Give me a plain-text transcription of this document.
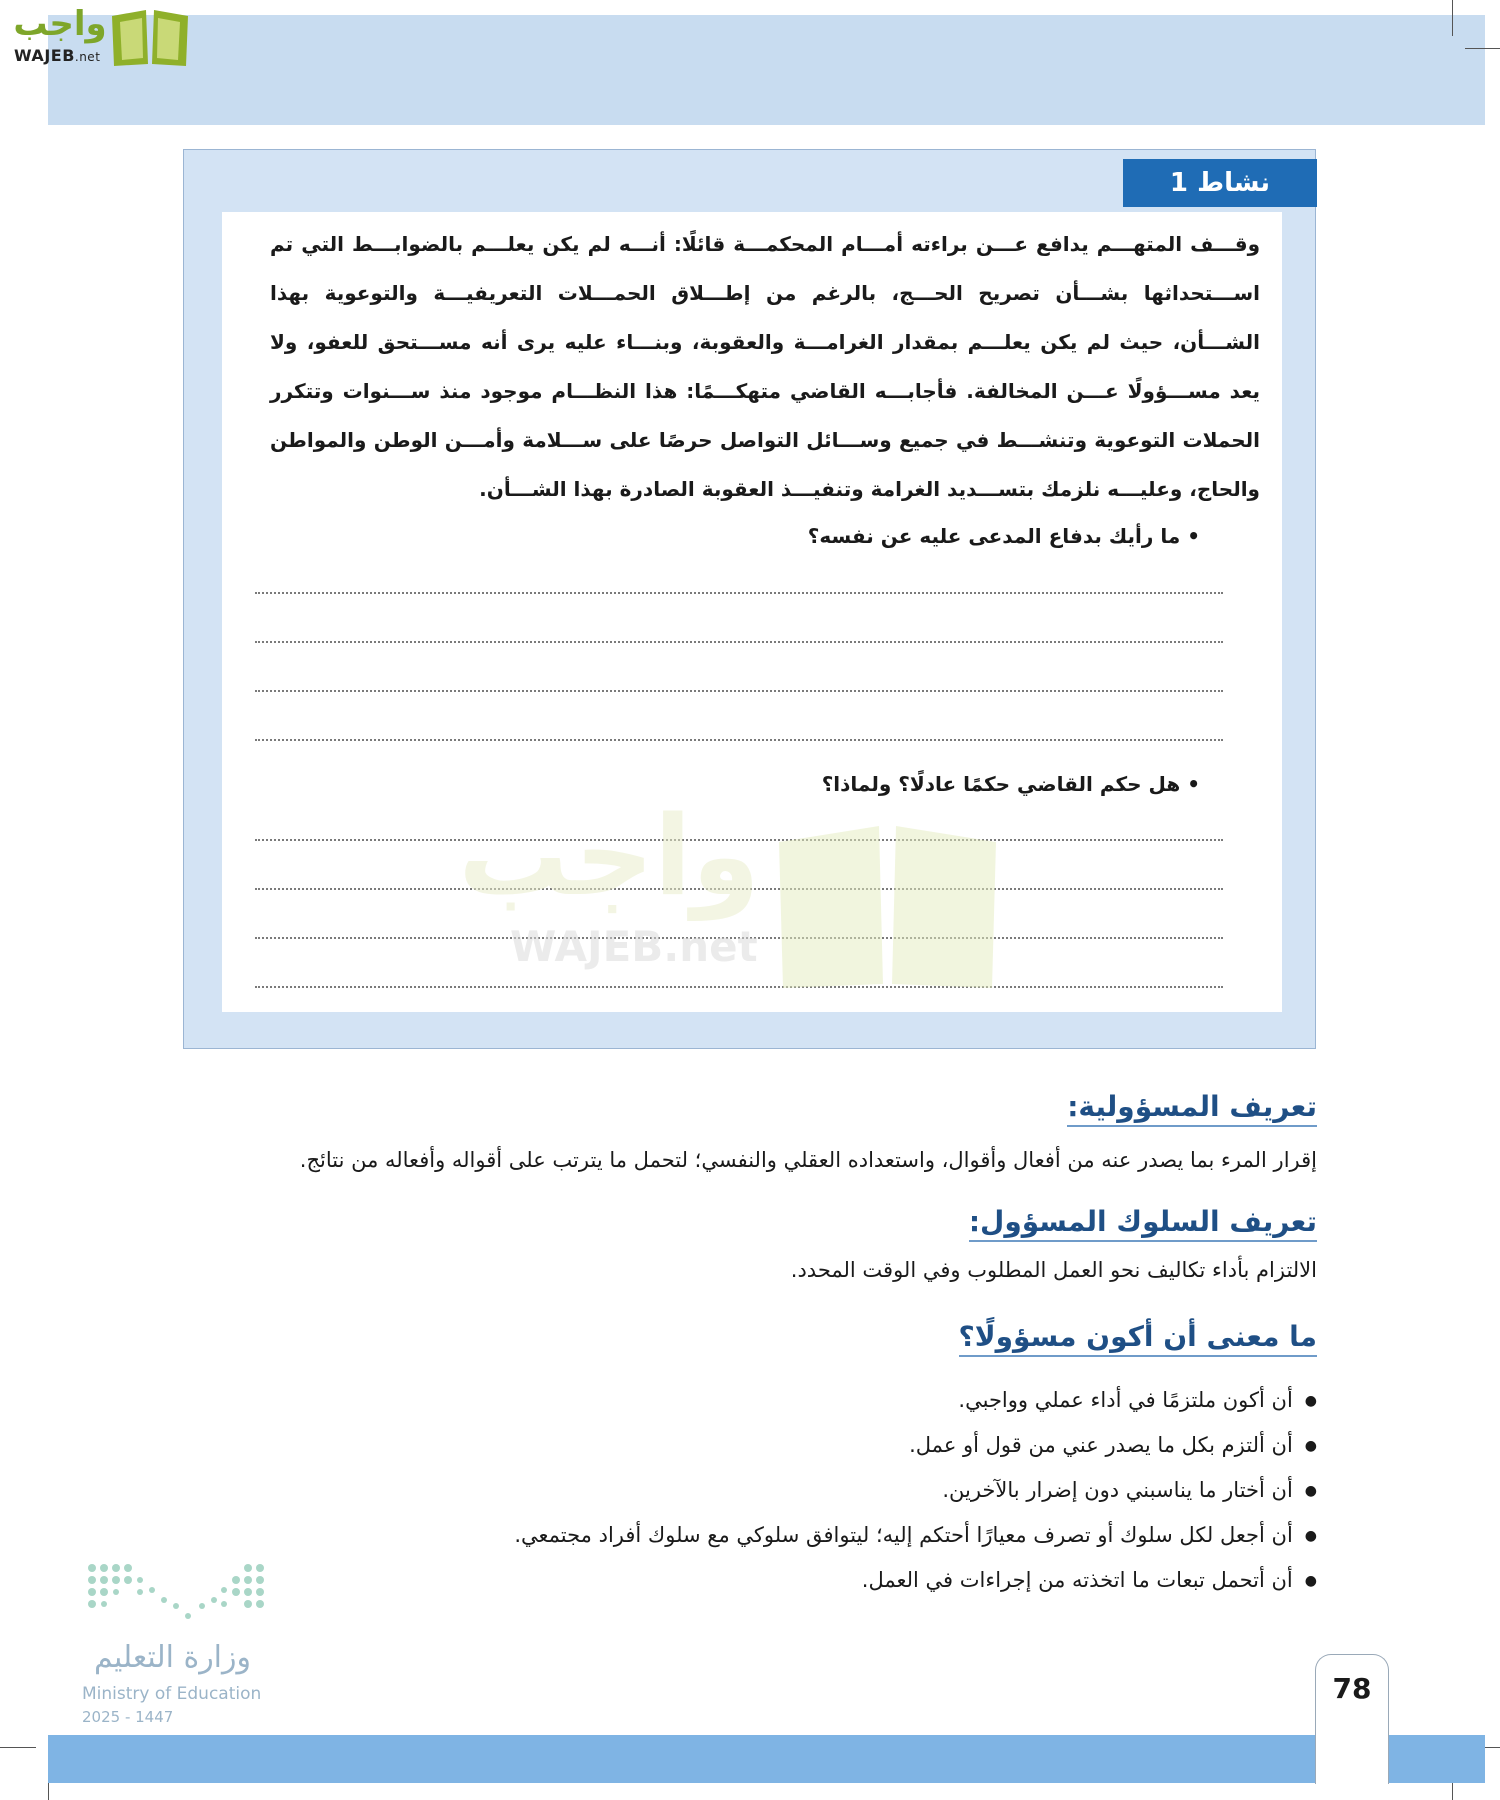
واجب
WAJEB.net
نشاط 1
وقـــف المتهـــم يدافع عـــن براءته أمـــام المحكمـــة قائلًا: أنـــه لم يكن يعلـــم بالضوابـــط التي تم اســـتحداثها بشـــأن تصريح الحـــج، بالرغم من إطـــلاق الحمـــلات التعريفيـــة والتوعوية بهذا الشـــأن، حيث لم يكن يعلـــم بمقدار الغرامـــة والعقوبة، وبنـــاء عليه يرى أنه مســـتحق للعفو، ولا يعد مســـؤولًا عـــن المخالفة. فأجابـــه القاضي متهكـــمًا: هذا النظـــام موجود منذ ســـنوات وتتكرر الحملات التوعوية وتنشـــط في جميع وســـائل التواصل حرصًا على ســـلامة وأمـــن الوطن والمواطن والحاج، وعليـــه نلزمك بتســـديد الغرامة وتنفيـــذ العقوبة الصادرة بهذا الشـــأن.
• ما رأيك بدفاع المدعى عليه عن نفسه؟
• هل حكم القاضي حكمًا عادلًا؟ ولماذا؟
واجب
WAJEB.net
تعريف المسؤولية:
إقرار المرء بما يصدر عنه من أفعال وأقوال، واستعداده العقلي والنفسي؛ لتحمل ما يترتب على أقواله وأفعاله من نتائج.
تعريف السلوك المسؤول:
الالتزام بأداء تكاليف نحو العمل المطلوب وفي الوقت المحدد.
ما معنى أن أكون مسؤولًا؟
● أن أكون ملتزمًا في أداء عملي وواجبي.
● أن ألتزم بكل ما يصدر عني من قول أو عمل.
● أن أختار ما يناسبني دون إضرار بالآخرين.
● أن أجعل لكل سلوك أو تصرف معيارًا أحتكم إليه؛ ليتوافق سلوكي مع سلوك أفراد مجتمعي.
● أن أتحمل تبعات ما اتخذته من إجراءات في العمل.
وزارة التعليم
Ministry of Education
2025 - 1447
78
